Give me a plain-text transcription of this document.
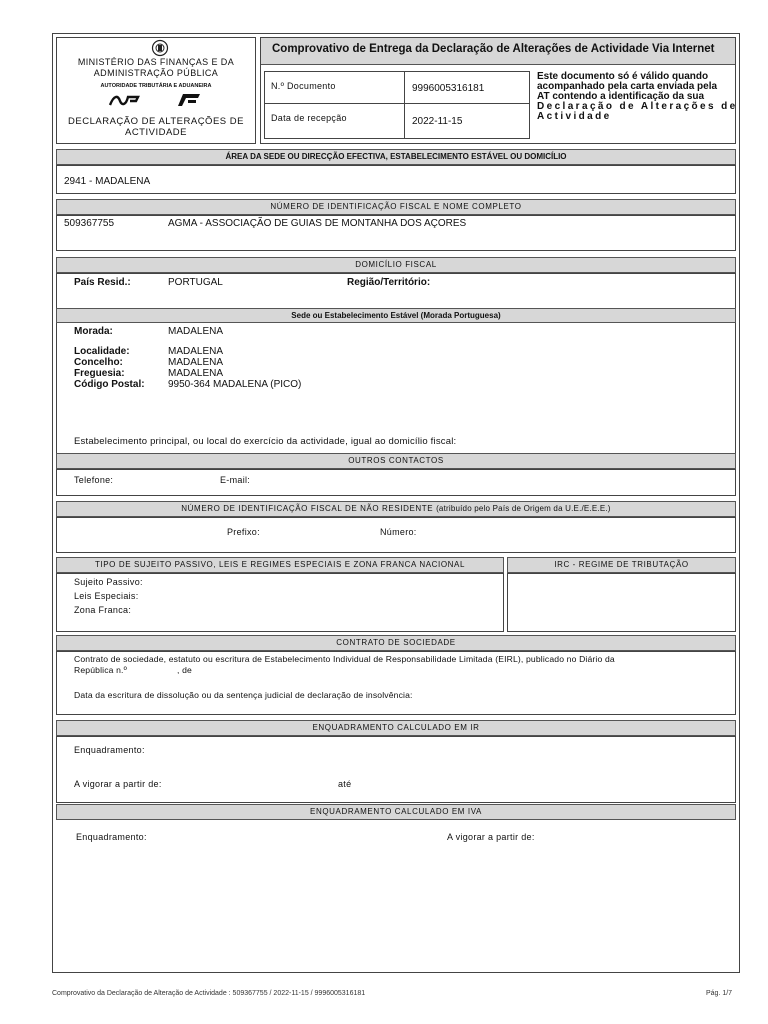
MINISTÉRIO DAS FINANÇAS E DA
ADMINISTRAÇÃO PÚBLICA
AUTORIDADE TRIBUTÁRIA E ADUANEIRA
DECLARAÇÃO DE ALTERAÇÕES DE
ACTIVIDADE
Comprovativo de Entrega da Declaração de Alterações de Actividade Via Internet
N.º Documento	9996005316181
Data de recepção	2022-11-15
Este documento só é válido quando
acompanhado pela carta enviada pela
AT contendo a identificação da sua
Declaração de Alterações de
Actividade
ÁREA DA SEDE OU DIRECÇÃO EFECTIVA, ESTABELECIMENTO ESTÁVEL OU DOMICÍLIO
2941 - MADALENA
NÚMERO DE IDENTIFICAÇÃO FISCAL E NOME COMPLETO
509367755	AGMA - ASSOCIAÇÃO DE GUIAS DE MONTANHA DOS AÇORES
DOMICÍLIO FISCAL
País Resid.:	PORTUGAL	Região/Território:
Sede ou Estabelecimento Estável (Morada Portuguesa)
Morada:	MADALENA
Localidade:	MADALENA
Concelho:	MADALENA
Freguesia:	MADALENA
Código Postal: 9950-364 MADALENA (PICO)
Estabelecimento principal, ou local do exercício da actividade, igual ao domicílio fiscal:
OUTROS CONTACTOS
Telefone:	E-mail:
NÚMERO DE IDENTIFICAÇÃO FISCAL DE NÃO RESIDENTE (atribuído pelo País de Origem da U.E./E.E.E.)
Prefixo:	Número:
TIPO DE SUJEITO PASSIVO, LEIS E REGIMES ESPECIAIS E ZONA FRANCA NACIONAL
Sujeito Passivo:
Leis Especiais:
Zona Franca:
IRC - REGIME DE TRIBUTAÇÃO
CONTRATO DE SOCIEDADE
Contrato de sociedade, estatuto ou escritura de Estabelecimento Individual de Responsabilidade Limitada (EIRL), publicado no Diário da
República n.º	, de
Data da escritura de dissolução ou da sentença judicial de declaração de insolvência:
ENQUADRAMENTO CALCULADO EM IR
Enquadramento:
A vigorar a partir de:	até
ENQUADRAMENTO CALCULADO EM IVA
Enquadramento:	A vigorar a partir de:
Comprovativo da Declaração de Alteração de Actividade : 509367755 / 2022-11-15 / 9996005316181	Pág. 1/7
